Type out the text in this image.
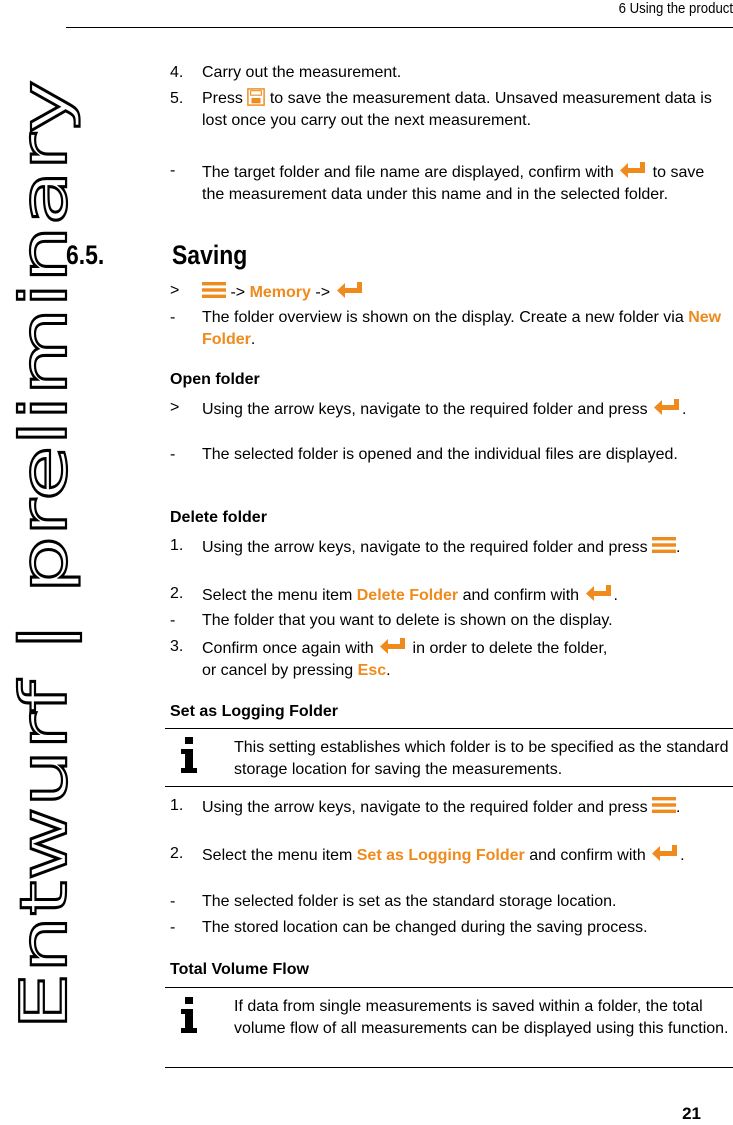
6 Using the product
Entwurf | preliminary
4.	Carry out the measurement.
5.	Press to save the measurement data. Unsaved measurement data is lost once you carry out the next measurement.
-	The target folder and file name are displayed, confirm with to save the measurement data under this name and in the selected folder.
6.5.	Saving
>	-> Memory ->
-	The folder overview is shown on the display. Create a new folder via New Folder.
Open folder
>	Using the arrow keys, navigate to the required folder and press .
-	The selected folder is opened and the individual files are displayed.
Delete folder
1.	Using the arrow keys, navigate to the required folder and press .
2.	Select the menu item Delete Folder and confirm with .
-	The folder that you want to delete is shown on the display.
3.	Confirm once again with in order to delete the folder,
or cancel by pressing Esc.
Set as Logging Folder
This setting establishes which folder is to be specified as the standard storage location for saving the measurements.
1.	Using the arrow keys, navigate to the required folder and press .
2.	Select the menu item Set as Logging Folder and confirm with .
-	The selected folder is set as the standard storage location.
-	The stored location can be changed during the saving process.
Total Volume Flow
If data from single measurements is saved within a folder, the total volume flow of all measurements can be displayed using this function.
21
